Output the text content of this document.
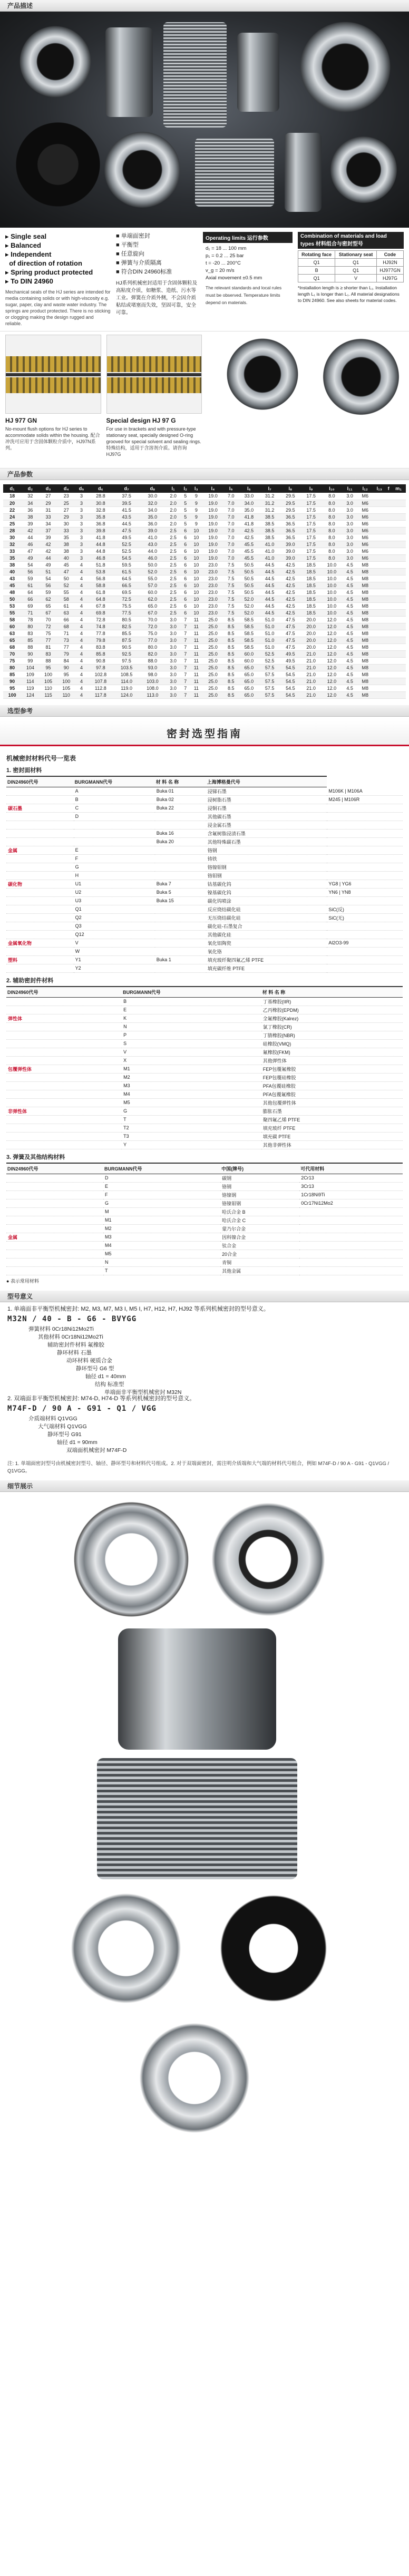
产品描述
▸ Single seal
▸ Balanced
▸ Independent
of direction of rotation
▸ Spring product protected
▸ To DIN 24960

Mechanical seals of the HJ series are intended for media containing solids or with high-viscosity e.g. sugar, paper, clay and waste water industry. The springs are product protected. There is no sticking or clogging making the design rugged and reliable.

■ 单端面密封
■ 平衡型
■ 任意旋向
■ 弹簧与介质隔离
■ 符合DIN 24960标准

HJ系列机械密封适用于含固体颗粒及高粘度介质，如糖浆、造纸、污水等工业。弹簧在介质外侧，不会因介质粘结或堵塞而失效，坚固可靠，安全可靠。

Operating limits 运行参数
d₁ = 18 ... 100 mm
p₁ = 0.2 ... 25 bar
t = -20 ... 200°C
v_g = 20 m/s
Axial movement ±0.5 mm
The relevant standards and local rules must be observed. Temperature limits depend on materials.
Combination of materials and load types 材料组合与密封型号
Rotating face	Stationary seat	Code
Q1	Q1	HJ92N
B	Q1	HJ977GN
Q1	V	HJ97G
*Installation length is ≥ shorter than L₁. Installation length L₁ is longer than L₁. All material designations to DIN 24960. See also sheets for material codes.
HJ 977 GN

No-mount flush options for HJ series to accommodate solids within the housing. 配合冲洗可应用于含固体颗粒介质中，HJ97N系列。

Special design HJ 97 G

For use in brackets and with pressure-type stationary seat, specially designed O-ring grooved for special solvent and sealing rings. 特殊结构，适用于含溶剂介质。请咨询 HJ97G

产品参数
d₁	d₂	d₃	d₄	d₅	d₆	d₇	d₈	l₁	l₂	l₃	l₄	l₅	l₆	l₇	l₈	l₉	l₁₀	l₁₁	l₁₂	l₁₃	f	m₁
18	32	27	23	3	28.8	37.5	30.0	2.0	5	9	19.0	7.0	33.0	31.2	29.5	17.5	8.0	3.0	M6			
20	34	29	25	3	30.8	39.5	32.0	2.0	5	9	19.0	7.0	34.0	31.2	29.5	17.5	8.0	3.0	M6			
22	36	31	27	3	32.8	41.5	34.0	2.0	5	9	19.0	7.0	35.0	31.2	29.5	17.5	8.0	3.0	M6			
24	38	33	29	3	35.8	43.5	35.0	2.0	5	9	19.0	7.0	41.8	38.5	36.5	17.5	8.0	3.0	M6			
25	39	34	30	3	36.8	44.5	36.0	2.0	5	9	19.0	7.0	41.8	38.5	36.5	17.5	8.0	3.0	M6			
28	42	37	33	3	39.8	47.5	39.0	2.5	6	10	19.0	7.0	42.5	38.5	36.5	17.5	8.0	3.0	M6			
30	44	39	35	3	41.8	49.5	41.0	2.5	6	10	19.0	7.0	42.5	38.5	36.5	17.5	8.0	3.0	M6			
32	46	42	38	3	44.8	52.5	43.0	2.5	6	10	19.0	7.0	45.5	41.0	39.0	17.5	8.0	3.0	M6			
33	47	42	38	3	44.8	52.5	44.0	2.5	6	10	19.0	7.0	45.5	41.0	39.0	17.5	8.0	3.0	M6			
35	49	44	40	3	46.8	54.5	46.0	2.5	6	10	19.0	7.0	45.5	41.0	39.0	17.5	8.0	3.0	M6			
38	54	49	45	4	51.8	59.5	50.0	2.5	6	10	23.0	7.5	50.5	44.5	42.5	18.5	10.0	4.5	M8			
40	56	51	47	4	53.8	61.5	52.0	2.5	6	10	23.0	7.5	50.5	44.5	42.5	18.5	10.0	4.5	M8			
43	59	54	50	4	56.8	64.5	55.0	2.5	6	10	23.0	7.5	50.5	44.5	42.5	18.5	10.0	4.5	M8			
45	61	56	52	4	58.8	66.5	57.0	2.5	6	10	23.0	7.5	50.5	44.5	42.5	18.5	10.0	4.5	M8			
48	64	59	55	4	61.8	69.5	60.0	2.5	6	10	23.0	7.5	50.5	44.5	42.5	18.5	10.0	4.5	M8			
50	66	62	58	4	64.8	72.5	62.0	2.5	6	10	23.0	7.5	52.0	44.5	42.5	18.5	10.0	4.5	M8			
53	69	65	61	4	67.8	75.5	65.0	2.5	6	10	23.0	7.5	52.0	44.5	42.5	18.5	10.0	4.5	M8			
55	71	67	63	4	69.8	77.5	67.0	2.5	6	10	23.0	7.5	52.0	44.5	42.5	18.5	10.0	4.5	M8			
58	78	70	66	4	72.8	80.5	70.0	3.0	7	11	25.0	8.5	58.5	51.0	47.5	20.0	12.0	4.5	M8			
60	80	72	68	4	74.8	82.5	72.0	3.0	7	11	25.0	8.5	58.5	51.0	47.5	20.0	12.0	4.5	M8			
63	83	75	71	4	77.8	85.5	75.0	3.0	7	11	25.0	8.5	58.5	51.0	47.5	20.0	12.0	4.5	M8			
65	85	77	73	4	79.8	87.5	77.0	3.0	7	11	25.0	8.5	58.5	51.0	47.5	20.0	12.0	4.5	M8			
68	88	81	77	4	83.8	90.5	80.0	3.0	7	11	25.0	8.5	58.5	51.0	47.5	20.0	12.0	4.5	M8			
70	90	83	79	4	85.8	92.5	82.0	3.0	7	11	25.0	8.5	60.0	52.5	49.5	21.0	12.0	4.5	M8			
75	99	88	84	4	90.8	97.5	88.0	3.0	7	11	25.0	8.5	60.0	52.5	49.5	21.0	12.0	4.5	M8			
80	104	95	90	4	97.8	103.5	93.0	3.0	7	11	25.0	8.5	65.0	57.5	54.5	21.0	12.0	4.5	M8			
85	109	100	95	4	102.8	108.5	98.0	3.0	7	11	25.0	8.5	65.0	57.5	54.5	21.0	12.0	4.5	M8			
90	114	105	100	4	107.8	114.0	103.0	3.0	7	11	25.0	8.5	65.0	57.5	54.5	21.0	12.0	4.5	M8			
95	119	110	105	4	112.8	119.0	108.0	3.0	7	11	25.0	8.5	65.0	57.5	54.5	21.0	12.0	4.5	M8			
100	124	115	110	4	117.8	124.0	113.0	3.0	7	11	25.0	8.5	65.0	57.5	54.5	21.0	12.0	4.5	M8			
选型参考
密封选型指南
机械密封材料代号一览表
1. 密封面材料
DIN24960代号	BURGMANN代号	材 料 名 称	上海博格曼代号	
	A	Buka 01	浸锑石墨	M106K | M106A
	B	Buka 02	浸树脂石墨	M245 | M106R
碳石墨	C	Buka 22	浸铜石墨	
	D		其他碳石墨	
			浸金属石墨	
		Buka 16	含氟树脂浸渍石墨	
		Buka 20	其他特殊碳石墨	
金属	E		铬钢	
	F		铸铁	
	G		铬镍钼钢	
	H		铬钼钢	
碳化物	U1	Buka 7	钴基碳化钨	YG8 | YG6
	U2	Buka 5	镍基碳化钨	YN6 | YN8
	U3	Buka 15	碳化钨喷涂	
	Q1		反应烧结碳化硅	SiC(反)
	Q2		无压烧结碳化硅	SiC(无)
	Q3		碳化硅-石墨复合	
	Q12		其他碳化硅	
金属氧化物	V		氧化铝陶瓷	Al2O3-99
	W		氧化铬	
塑料	Y1	Buka 1	填充玻纤聚四氟乙烯 PTFE	
	Y2		填充碳纤维 PTFE	
2. 辅助密封件材料
DIN24960代号	BURGMANN代号	材 料 名 称
	B	丁基橡胶(IIR)
	E	乙丙橡胶(EPDM)
弹性体	K	全氟橡胶(Kalrez)
	N	氯丁橡胶(CR)
	P	丁腈橡胶(NBR)
	S	硅橡胶(VMQ)
	V	氟橡胶(FKM)
	X	其他弹性体
包覆弹性体	M1	FEP包覆氟橡胶
	M2	FEP包覆硅橡胶
	M3	PFA包覆硅橡胶
	M4	PFA包覆氟橡胶
	M5	其他包覆弹性体
非弹性体	G	膨胀石墨
	T	聚四氟乙烯 PTFE
	T2	填充玻纤 PTFE
	T3	填充碳 PTFE
	Y	其他非弹性体
3. 弹簧及其他结构材料
DIN24960代号	BURGMANN代号	中国(牌号)	可代用材料
	D	碳钢	2Cr13
	E	铬钢	3Cr13
	F	铬镍钢	1Cr18Ni9Ti
	G	铬镍钼钢	0Cr17Ni12Mo2
	M	哈氏合金 B	
	M1	哈氏合金 C	
	M2	蒙乃尔合金	
金属	M3	因科镍合金	
	M4	钛合金	
	M5	20合金	
	N	青铜	
	T	其他金属	
● 表示常用材料
型号意义
1. 单端面非平衡型机械密封: M2, M3, M7, M3 I, M5 I, H7, H12, H7, HJ92 等系列机械密封的型号意义。
M32N / 40 - B - G6 - BVYGG
弹簧材料 0Cr18Ni12Mo2Ti
其他材料 0Cr18Ni12Mo2Ti
辅助密封件材料 氟橡胶
静环材料 石墨
动环材料 硬质合金
静环型号 G6 型
轴径 d1 = 40mm
结构 标准型
单端面非平衡型机械密封 M32N
2. 双端面非平衡型机械密封: M74-D, H74-D 等系列机械密封的型号意义。
M74F-D / 90 A - G91 - Q1 / VGG
介质端材料 Q1VGG
大气端材料 Q1VGG
静环型号 G91
轴径 d1 = 90mm
双端面机械密封 M74F-D
注: 1. 单端面密封型号由机械密封型号、轴径、静环型号和材料代号组成。2. 对于双端面密封，需注明介质端和大气端的材料代号组合，例如 M74F-D / 90 A - G91 - Q1VGG / Q1VGG。
细节展示
